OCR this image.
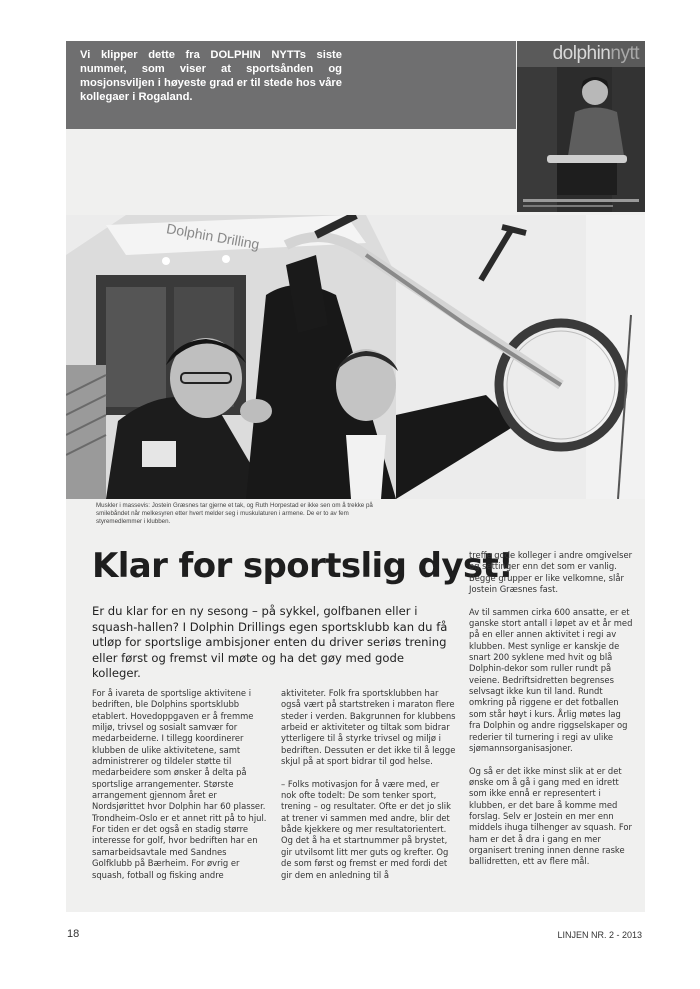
Vi klipper dette fra DOLPHIN NYTTs siste nummer, som viser at sportsånden og mosjonsviljen i høyeste grad er til stede hos våre kollegaer i Rogaland.
dolphinnytt
Dolphin Drilling
Muskler i massevis: Jostein Græsnes tar gjerne et tak, og Ruth Horpestad er ikke sen om å trekke på smilebåndet når melkesyren etter hvert melder seg i muskulaturen i armene. De er to av fem styremedlemmer i klubben.
Klar for sportslig dyst!

Er du klar for en ny sesong – på sykkel, golfbanen eller i squash-hallen? I Dolphin Drillings egen sportsklubb kan du få utløp for sportslige ambisjoner enten du driver seriøs trening eller først og fremst vil møte og ha det gøy med gode kolleger.

For å ivareta de sportslige aktivitene i bedriften, ble Dolphins sportsklubb etablert. Hovedoppgaven er å fremme miljø, trivsel og sosialt samvær for medarbeiderne. I tillegg koordinerer klubben de ulike aktivitetene, samt administrerer og tildeler støtte til medarbeidere som ønsker å delta på sportslige arrangementer. Største arrangement gjennom året er Nordsjørittet hvor Dolphin har 60 plasser. Trondheim-Oslo er et annet ritt på to hjul. For tiden er det også en stadig større interesse for golf, hvor bedriften har en samarbeidsavtale med Sandnes Golfklubb på Bærheim. For øvrig er squash, fotball og fisking andre

aktiviteter. Folk fra sportsklubben har også vært på startstreken i maraton flere steder i verden. Bakgrunnen for klubbens arbeid er aktiviteter og tiltak som bidrar ytterligere til å styrke trivsel og miljø i bedriften. Dessuten er det ikke til å legge skjul på at sport bidrar til god helse.

– Folks motivasjon for å være med, er nok ofte todelt: De som tenker sport, trening – og resultater. Ofte er det jo slik at trener vi sammen med andre, blir det både kjekkere og mer resultatorientert. Og det å ha et startnummer på brystet, gir utvilsomt litt mer guts og krefter. Og de som først og fremst er med fordi det gir dem en anledning til å

treffe gode kolleger i andre omgivelser og settinger enn det som er vanlig. Begge grupper er like velkomne, slår Jostein Græsnes fast.

Av til sammen cirka 600 ansatte, er et ganske stort antall i løpet av et år med på en eller annen aktivitet i regi av klubben. Mest synlige er kanskje de snart 200 syklene med hvit og blå Dolphin-dekor som ruller rundt på veiene. Bedriftsidretten begrenses selvsagt ikke kun til land. Rundt omkring på riggene er det fotballen som står høyt i kurs. Årlig møtes lag fra Dolphin og andre riggselskaper og rederier til turnering i regi av ulike sjømannsorganisasjoner.

Og så er det ikke minst slik at er det ønske om å gå i gang med en idrett som ikke ennå er representert i klubben, er det bare å komme med forslag. Selv er Jostein en mer enn middels ihuga tilhenger av squash. For ham er det å dra i gang en mer organisert trening innen denne raske ballidretten, ett av flere mål.

18	LINJEN NR. 2 - 2013
